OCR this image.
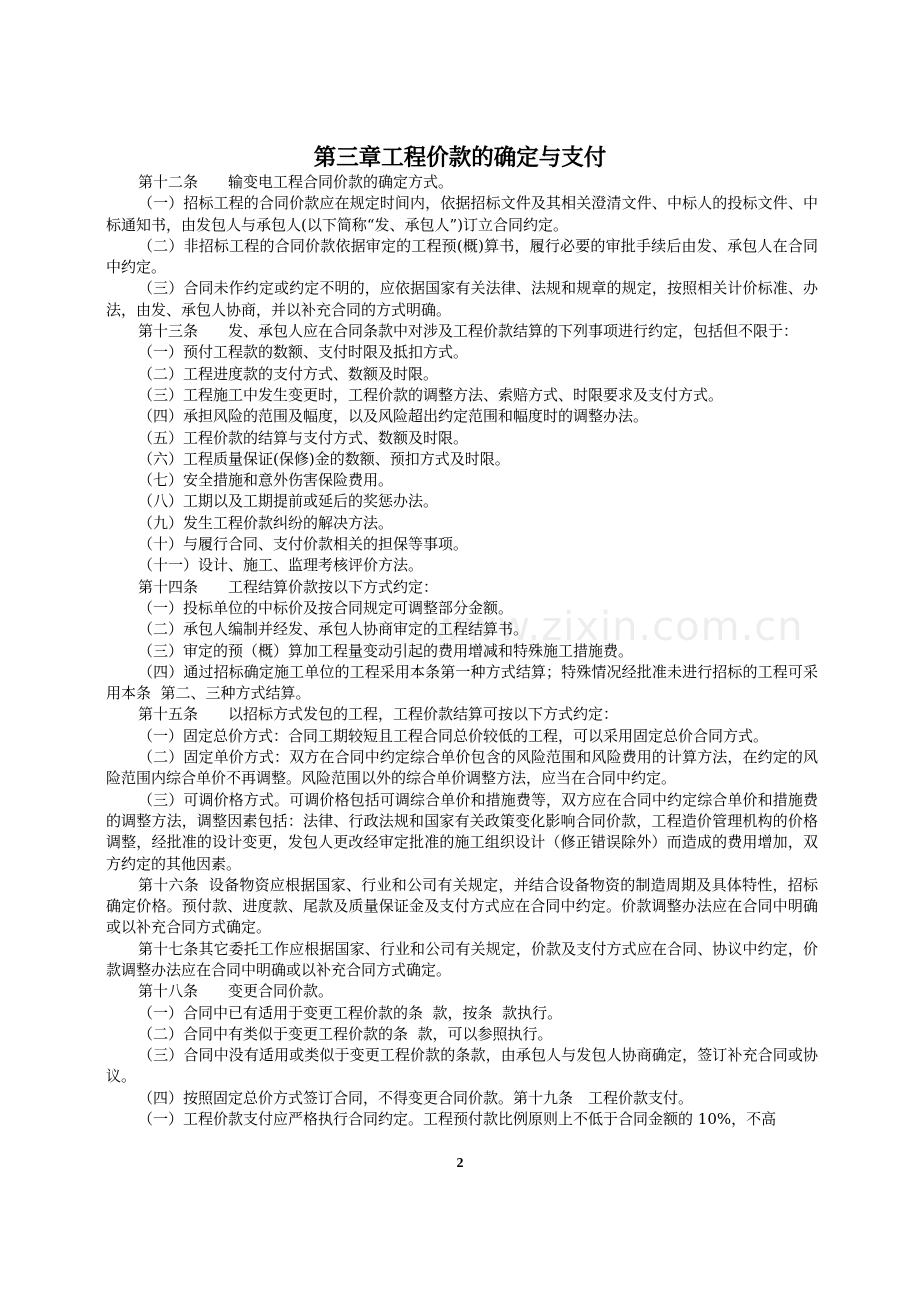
www.zixin.com.cn
第三章工程价款的确定与支付

第十二条　　输变电工程合同价款的确定方式。

（一）招标工程的合同价款应在规定时间内，依据招标文件及其相关澄清文件、中标人的投标文件、中标通知书，由发包人与承包人(以下简称“发、承包人”)订立合同约定。

（二）非招标工程的合同价款依据审定的工程预(概)算书，履行必要的审批手续后由发、承包人在合同中约定。

（三）合同未作约定或约定不明的，应依据国家有关法律、法规和规章的规定，按照相关计价标准、办法，由发、承包人协商，并以补充合同的方式明确。

第十三条　　发、承包人应在合同条款中对涉及工程价款结算的下列事项进行约定，包括但不限于：

（一）预付工程款的数额、支付时限及抵扣方式。

（二）工程进度款的支付方式、数额及时限。

（三）工程施工中发生变更时，工程价款的调整方法、索赔方式、时限要求及支付方式。

（四）承担风险的范围及幅度，以及风险超出约定范围和幅度时的调整办法。

（五）工程价款的结算与支付方式、数额及时限。

（六）工程质量保证(保修)金的数额、预扣方式及时限。

（七）安全措施和意外伤害保险费用。

（八）工期以及工期提前或延后的奖惩办法。

（九）发生工程价款纠纷的解决方法。

（十）与履行合同、支付价款相关的担保等事项。

（十一）设计、施工、监理考核评价方法。

第十四条　　工程结算价款按以下方式约定：

（一）投标单位的中标价及按合同规定可调整部分金额。

（二）承包人编制并经发、承包人协商审定的工程结算书。

（三）审定的预（概）算加工程量变动引起的费用增减和特殊施工措施费。

（四）通过招标确定施工单位的工程采用本条第一种方式结算；特殊情况经批准未进行招标的工程可采用本条  第二、三种方式结算。

第十五条　　以招标方式发包的工程，工程价款结算可按以下方式约定：

（一）固定总价方式：合同工期较短且工程合同总价较低的工程，可以采用固定总价合同方式。

（二）固定单价方式：双方在合同中约定综合单价包含的风险范围和风险费用的计算方法，在约定的风险范围内综合单价不再调整。风险范围以外的综合单价调整方法，应当在合同中约定。

（三）可调价格方式。可调价格包括可调综合单价和措施费等，双方应在合同中约定综合单价和措施费的调整方法，调整因素包括：法律、行政法规和国家有关政策变化影响合同价款，工程造价管理机构的价格调整，经批准的设计变更，发包人更改经审定批准的施工组织设计（修正错误除外）而造成的费用增加，双方约定的其他因素。

第十六条  设备物资应根据国家、行业和公司有关规定，并结合设备物资的制造周期及具体特性，招标确定价格。预付款、进度款、尾款及质量保证金及支付方式应在合同中约定。价款调整办法应在合同中明确或以补充合同方式确定。

第十七条其它委托工作应根据国家、行业和公司有关规定，价款及支付方式应在合同、协议中约定，价款调整办法应在合同中明确或以补充合同方式确定。

第十八条　　变更合同价款。

（一）合同中已有适用于变更工程价款的条  款，按条  款执行。

（二）合同中有类似于变更工程价款的条  款，可以参照执行。

（三）合同中没有适用或类似于变更工程价款的条款，由承包人与发包人协商确定，签订补充合同或协议。

（四）按照固定总价方式签订合同，不得变更合同价款。第十九条　工程价款支付。

（一）工程价款支付应严格执行合同约定。工程预付款比例原则上不低于合同金额的 10%，不高

2
